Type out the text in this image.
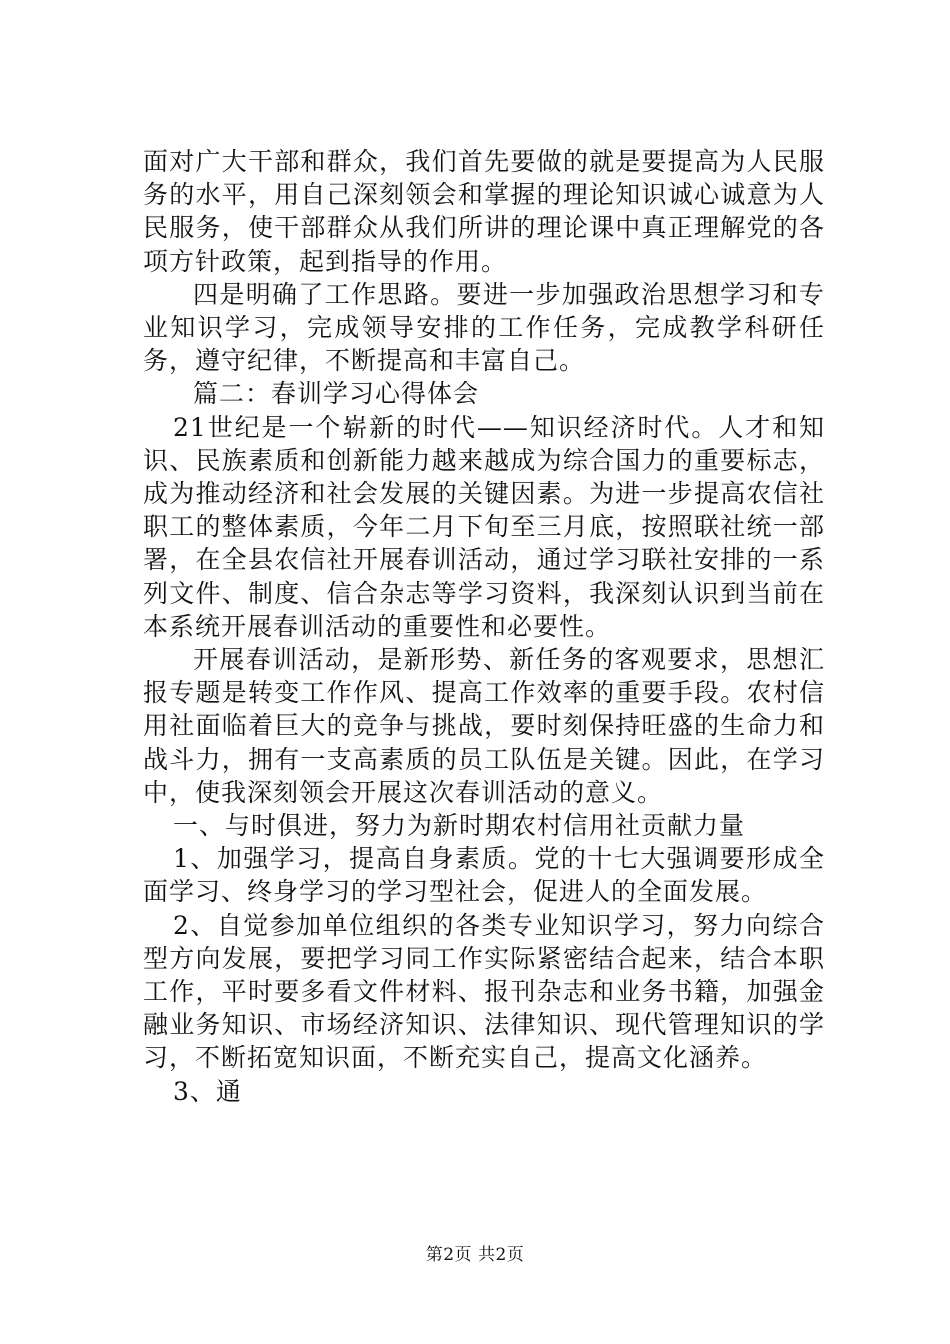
面对广大干部和群众，我们首先要做的就是要提高为人民服务的水平，用自己深刻领会和掌握的理论知识诚心诚意为人民服务，使干部群众从我们所讲的理论课中真正理解党的各项方针政策，起到指导的作用。

四是明确了工作思路。要进一步加强政治思想学习和专业知识学习，完成领导安排的工作任务，完成教学科研任务，遵守纪律，不断提高和丰富自己。

篇二：春训学习心得体会

21世纪是一个崭新的时代——知识经济时代。人才和知识、民族素质和创新能力越来越成为综合国力的重要标志，成为推动经济和社会发展的关键因素。为进一步提高农信社职工的整体素质，今年二月下旬至三月底，按照联社统一部署，在全县农信社开展春训活动，通过学习联社安排的一系列文件、制度、信合杂志等学习资料，我深刻认识到当前在本系统开展春训活动的重要性和必要性。

开展春训活动，是新形势、新任务的客观要求，思想汇报专题是转变工作作风、提高工作效率的重要手段。农村信用社面临着巨大的竞争与挑战，要时刻保持旺盛的生命力和战斗力，拥有一支高素质的员工队伍是关键。因此，在学习中，使我深刻领会开展这次春训活动的意义。

一、与时俱进，努力为新时期农村信用社贡献力量

1、加强学习，提高自身素质。党的十七大强调要形成全面学习、终身学习的学习型社会，促进人的全面发展。

2、自觉参加单位组织的各类专业知识学习，努力向综合型方向发展，要把学习同工作实际紧密结合起来，结合本职工作，平时要多看文件材料、报刊杂志和业务书籍，加强金融业务知识、市场经济知识、法律知识、现代管理知识的学习，不断拓宽知识面，不断充实自己，提高文化涵养。

3、通

第2页 共2页
